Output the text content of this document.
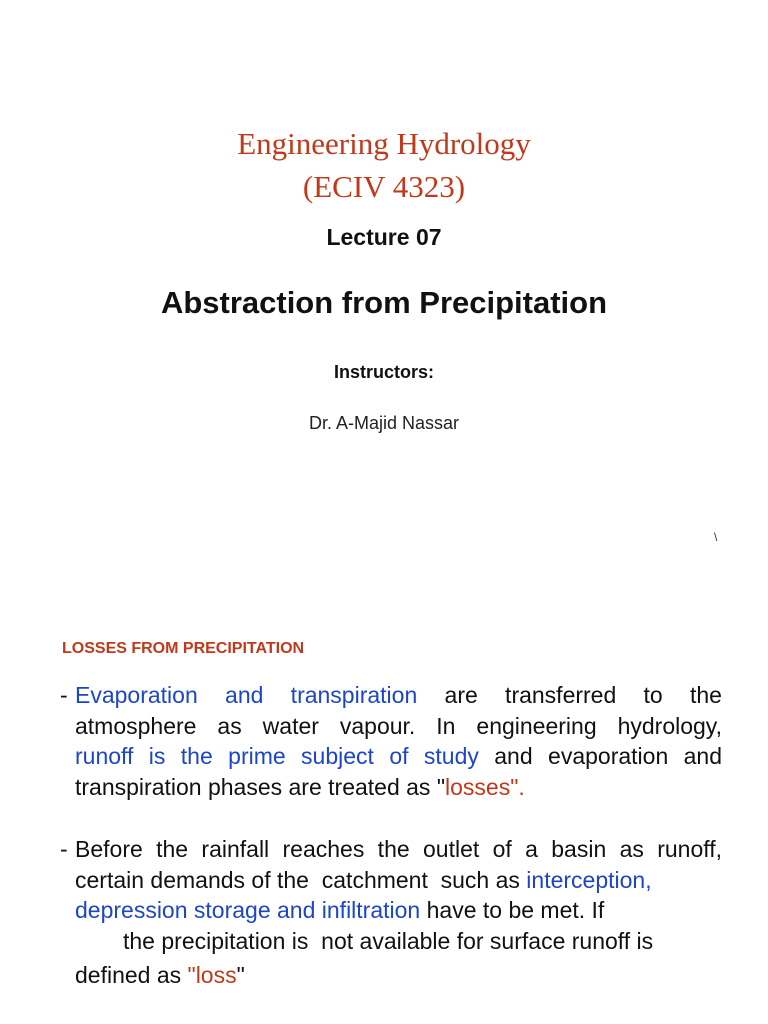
Engineering Hydrology
(ECIV 4323)
Lecture 07
Abstraction from Precipitation
Instructors:
Dr. A-Majid Nassar
\
LOSSES FROM PRECIPITATION
- Evaporation and transpiration are transferred to the
atmosphere as water vapour. In engineering hydrology,
runoff is the prime subject of study and evaporation and
transpiration phases are treated as "losses".
- Before the rainfall reaches the outlet of a basin as runoff,
certain demands of the  catchment  such as interception,
depression storage and infiltration have to be met. If
the precipitation is  not available for surface runoff is
defined as "loss"
